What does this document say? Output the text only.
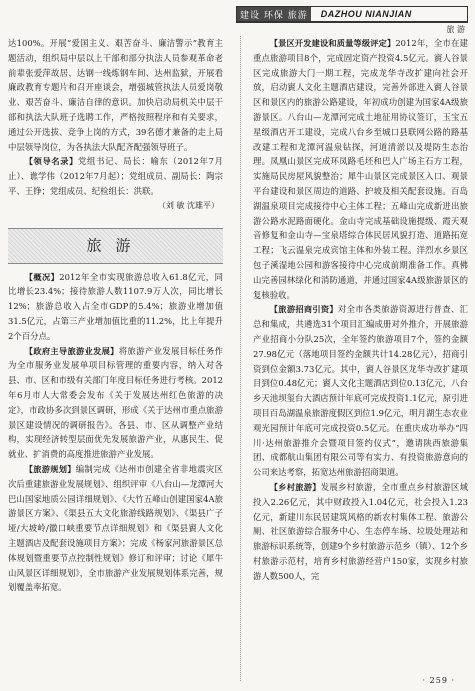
建设 环保 旅游	DAZHOU NIANJIAN
旅 游

达100%。开展“爱国主义、艰苦奋斗、廉洁警示”教育主题活动，组织局中层以上干部和部分执法人员参观革命老前辈张爱萍故居、达钢一线炼钢车间、达州监狱，开展看廉政教育专题片和召开座谈会，增强城管执法人员爱岗敬业、艰苦奋斗、廉洁自律的意识。加快启动局机关中层干部和执法大队班子选聘工作，严格按照程序和有关要求，通过公开选拔、竞争上岗的方式，39名德才兼备的走上局中层领导岗位，为各执法大队配齐配强领导班子。

【领导名录】党组书记、局长：喻东（2012年7月止）、谯学伟（2012年7月起）；党组成员、副局长：陶宗平、王铮；党组成员、纪检组长：洪联。

（刘 敏 沈雄平）
旅游

【概况】2012年全市实现旅游总收入61.8亿元，同比增长23.4%；接待旅游人数1107.9万人次，同比增长12%；旅游总收入占全市GDP的5.4%；旅游业增加值31.5亿元，占第三产业增加值比重的11.2%，比上年提升2个百分点。

【政府主导旅游业发展】将旅游产业发展目标任务作为全市服务业发展单项目标管理的重要内容，纳入对各县、市、区和市级有关部门年度目标任务进行考核。2012年6月市人大常委会发布《关于发展达州红色旅游的决定》，市政协多次到景区调研，形成《关于达州市重点旅游景区建设情况的调研报告》。各县、市、区从调整产业结构，实现经济转型层面优先发展旅游产业，从惠民生、促就业、扩消费的高度推进旅游产业发展。

【旅游规划】编制完成《达州市创建全省非地震灾区次后重建旅游业发展规划》、组织评审《八台山—龙潭河大巴山国家地质公园详细规划》、《大竹五峰山创建国家4A旅游景区方案》、《渠县五大文化旅游线路规划》、《渠县广子垭/大坡岭/徽口峡重要节点详细规划》和《渠县賨人文化主题酒店及配套设施项目方案》；完成《杨家河旅游景区总体规划暨重要节点控制性规划》修订和评审；讨论《犀牛山风景区详细规划》，全市旅游产业发展规划体系完善，规划覆盖率拓宽。

【景区开发建设和质量等级评定】2012年，全市在建重点旅游项目8个，完成固定资产投资4.5亿元。賨人谷景区完成旅游大门一期工程，完成龙华寺改扩建向社会开放，启动賨人文化主题酒店建设，完善外部进入賨人谷景区和景区内的旅游公路建设，年初成功创建为国家4A级旅游景区。八台山—龙潭河完成土地征用协议签订，玉宝五星级酒店开工建设，完成八台乡至城口县联网公路的路基改建工程和龙潭河温泉钻探，河道清淤以及堤防生态治理。凤凰山景区完成环凤路毛坯和巴人广场主石方工程，实施局民房屋风貌整治；犀牛山景区完成景区入口、观景平台建设和景区周边的道路、护坡及相关配套设施。百岛湖温泉项目完成接待中心主体工程；五峰山完成新进出旅游公路水泥路面硬化。金山寺完成基础设施提级、霞天观音修复和金山寺—宝泉塔综合体民居风貌打造、道路拓宽工程；飞云温泉完成宾馆主体和外装工程。洋烈水乡景区包子溪湿地公园和游客接待中心完成前期准备工作。真佛山完善园林绿化和消防通道，并通过国家4A级旅游景区的复核验收。

【旅游招商引资】对全市各类旅游资源进行普查、汇总和集成，共遴选31个项目汇编成册对外推介，开展旅游产业招商小分队25次，全年签约旅游项目7个，签约金额27.98亿元（落地项目签约金额共计14.28亿元），招商引资到位金额3.73亿元。其中，賨人谷景区龙华寺改扩建项目到位0.48亿元；賨人文化主题酒店到位0.13亿元，八台乡天池坝玺台大酒店预计年底可完成投资1.1亿元，原引进项目百岛湖温泉旅游度假区到位1.9亿元，明月湖生态农业观光园预计年底可完成投资0.5亿元。在重庆成功举办“四川·达州旅游推介会暨项目签约仪式”，邀请陕西旅游集团、成都航山集团有限公司等有实力、有投资旅游意向的公司来达考察，拓宽达州旅游招商渠道。

【乡村旅游】发展乡村旅游，全市重点乡村旅游区域投入2.26亿元，其中财政投入1.04亿元，社会投入1.23亿元，新建川东民居建筑风格的新农村集体工程、旅游公厕、社区旅游综合服务中心、生态停车场、垃圾处理站和旅游标识系统等，创建9个乡村旅游示范乡（镇）、12个乡村旅游示范村，培育乡村旅游经营户150家，实现乡村旅游人数500人，完

· 259 ·
